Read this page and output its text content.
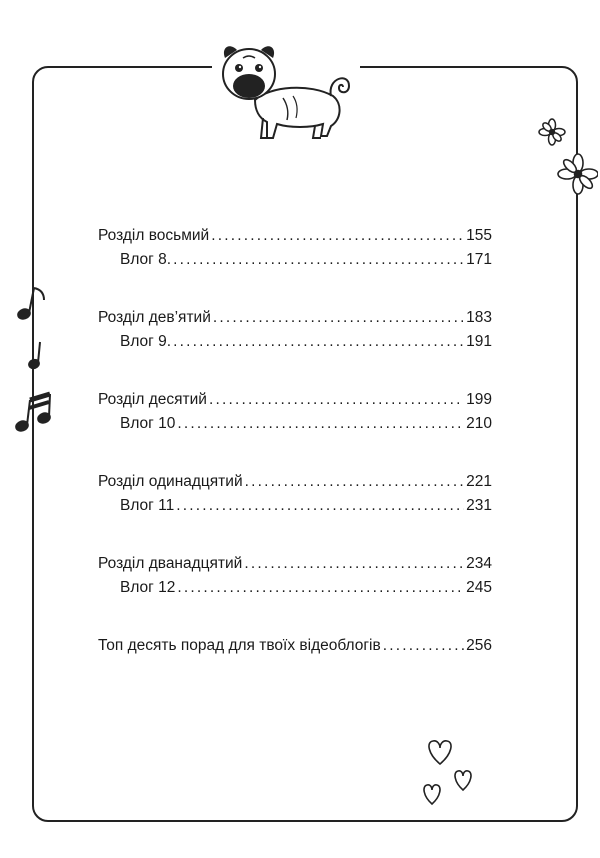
Розділ восьмий .....	155
Влог 8. .....	171
Розділ дев’ятий .....	183
Влог 9. .....	191
Розділ десятий .....	199
Влог 10 .....	210
Розділ одинадцятий .....	221
Влог 11 .....	231
Розділ дванадцятий .....	234
Влог 12 .....	245
Топ десять порад для твоїх відеоблогів .....	256
